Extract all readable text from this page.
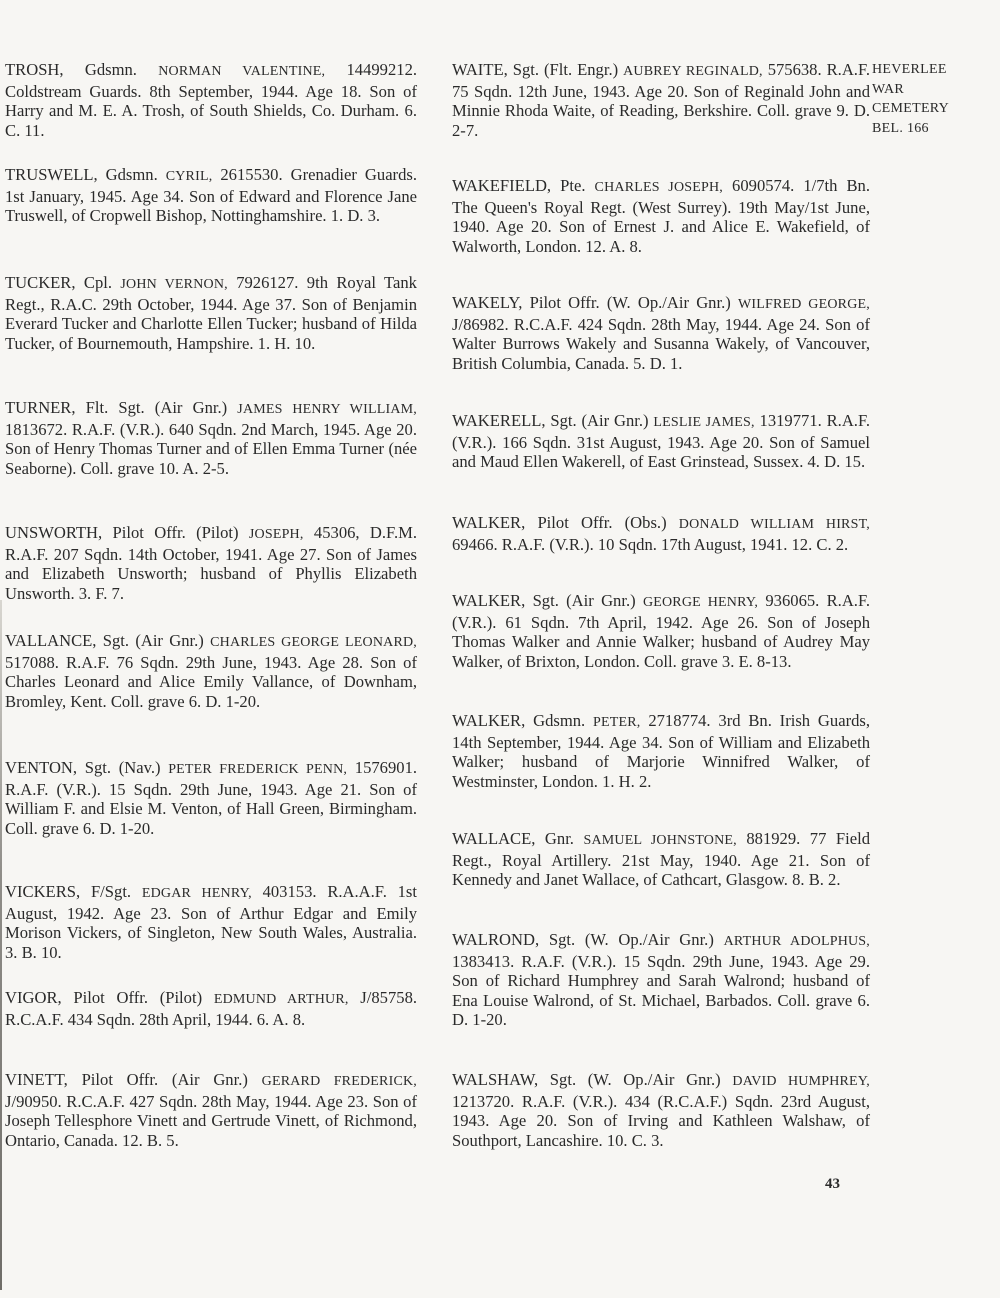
TROSH, Gdsmn. NORMAN VALENTINE, 14499212. Coldstream Guards. 8th September, 1944. Age 18. Son of Harry and M. E. A. Trosh, of South Shields, Co. Durham. 6. C. 11.

TRUSWELL, Gdsmn. CYRIL, 2615530. Grenadier Guards. 1st January, 1945. Age 34. Son of Edward and Florence Jane Truswell, of Cropwell Bishop, Nottinghamshire. 1. D. 3.

TUCKER, Cpl. JOHN VERNON, 7926127. 9th Royal Tank Regt., R.A.C. 29th October, 1944. Age 37. Son of Benjamin Everard Tucker and Charlotte Ellen Tucker; husband of Hilda Tucker, of Bournemouth, Hampshire. 1. H. 10.

TURNER, Flt. Sgt. (Air Gnr.) JAMES HENRY WILLIAM, 1813672. R.A.F. (V.R.). 640 Sqdn. 2nd March, 1945. Age 20. Son of Henry Thomas Turner and of Ellen Emma Turner (née Seaborne). Coll. grave 10. A. 2-5.

UNSWORTH, Pilot Offr. (Pilot) JOSEPH, 45306, D.F.M. R.A.F. 207 Sqdn. 14th October, 1941. Age 27. Son of James and Elizabeth Unsworth; husband of Phyllis Elizabeth Unsworth. 3. F. 7.

VALLANCE, Sgt. (Air Gnr.) CHARLES GEORGE LEONARD, 517088. R.A.F. 76 Sqdn. 29th June, 1943. Age 28. Son of Charles Leonard and Alice Emily Vallance, of Downham, Bromley, Kent. Coll. grave 6. D. 1-20.

VENTON, Sgt. (Nav.) PETER FREDERICK PENN, 1576901. R.A.F. (V.R.). 15 Sqdn. 29th June, 1943. Age 21. Son of William F. and Elsie M. Venton, of Hall Green, Birmingham. Coll. grave 6. D. 1-20.

VICKERS, F/Sgt. EDGAR HENRY, 403153. R.A.A.F. 1st August, 1942. Age 23. Son of Arthur Edgar and Emily Morison Vickers, of Singleton, New South Wales, Australia. 3. B. 10.

VIGOR, Pilot Offr. (Pilot) EDMUND ARTHUR, J/85758. R.C.A.F. 434 Sqdn. 28th April, 1944. 6. A. 8.

VINETT, Pilot Offr. (Air Gnr.) GERARD FREDERICK, J/90950. R.C.A.F. 427 Sqdn. 28th May, 1944. Age 23. Son of Joseph Tellesphore Vinett and Gertrude Vinett, of Richmond, Ontario, Canada. 12. B. 5.

WAITE, Sgt. (Flt. Engr.) AUBREY REGINALD, 575638. R.A.F. 75 Sqdn. 12th June, 1943. Age 20. Son of Reginald John and Minnie Rhoda Waite, of Reading, Berkshire. Coll. grave 9. D. 2-7.

WAKEFIELD, Pte. CHARLES JOSEPH, 6090574. 1/7th Bn. The Queen's Royal Regt. (West Surrey). 19th May/1st June, 1940. Age 20. Son of Ernest J. and Alice E. Wakefield, of Walworth, London. 12. A. 8.

WAKELY, Pilot Offr. (W. Op./Air Gnr.) WILFRED GEORGE, J/86982. R.C.A.F. 424 Sqdn. 28th May, 1944. Age 24. Son of Walter Burrows Wakely and Susanna Wakely, of Vancouver, British Columbia, Canada. 5. D. 1.

WAKERELL, Sgt. (Air Gnr.) LESLIE JAMES, 1319771. R.A.F. (V.R.). 166 Sqdn. 31st August, 1943. Age 20. Son of Samuel and Maud Ellen Wakerell, of East Grinstead, Sussex. 4. D. 15.

WALKER, Pilot Offr. (Obs.) DONALD WILLIAM HIRST, 69466. R.A.F. (V.R.). 10 Sqdn. 17th August, 1941. 12. C. 2.

WALKER, Sgt. (Air Gnr.) GEORGE HENRY, 936065. R.A.F. (V.R.). 61 Sqdn. 7th April, 1942. Age 26. Son of Joseph Thomas Walker and Annie Walker; husband of Audrey May Walker, of Brixton, London. Coll. grave 3. E. 8-13.

WALKER, Gdsmn. PETER, 2718774. 3rd Bn. Irish Guards, 14th September, 1944. Age 34. Son of William and Elizabeth Walker; husband of Marjorie Winnifred Walker, of Westminster, London. 1. H. 2.

WALLACE, Gnr. SAMUEL JOHNSTONE, 881929. 77 Field Regt., Royal Artillery. 21st May, 1940. Age 21. Son of Kennedy and Janet Wallace, of Cathcart, Glasgow. 8. B. 2.

WALROND, Sgt. (W. Op./Air Gnr.) ARTHUR ADOLPHUS, 1383413. R.A.F. (V.R.). 15 Sqdn. 29th June, 1943. Age 29. Son of Richard Humphrey and Sarah Walrond; husband of Ena Louise Walrond, of St. Michael, Barbados. Coll. grave 6. D. 1-20.

WALSHAW, Sgt. (W. Op./Air Gnr.) DAVID HUMPHREY, 1213720. R.A.F. (V.R.). 434 (R.C.A.F.) Sqdn. 23rd August, 1943. Age 20. Son of Irving and Kathleen Walshaw, of Southport, Lancashire. 10. C. 3.

HEVERLEE
WAR
CEMETERY
BEL. 166
43
